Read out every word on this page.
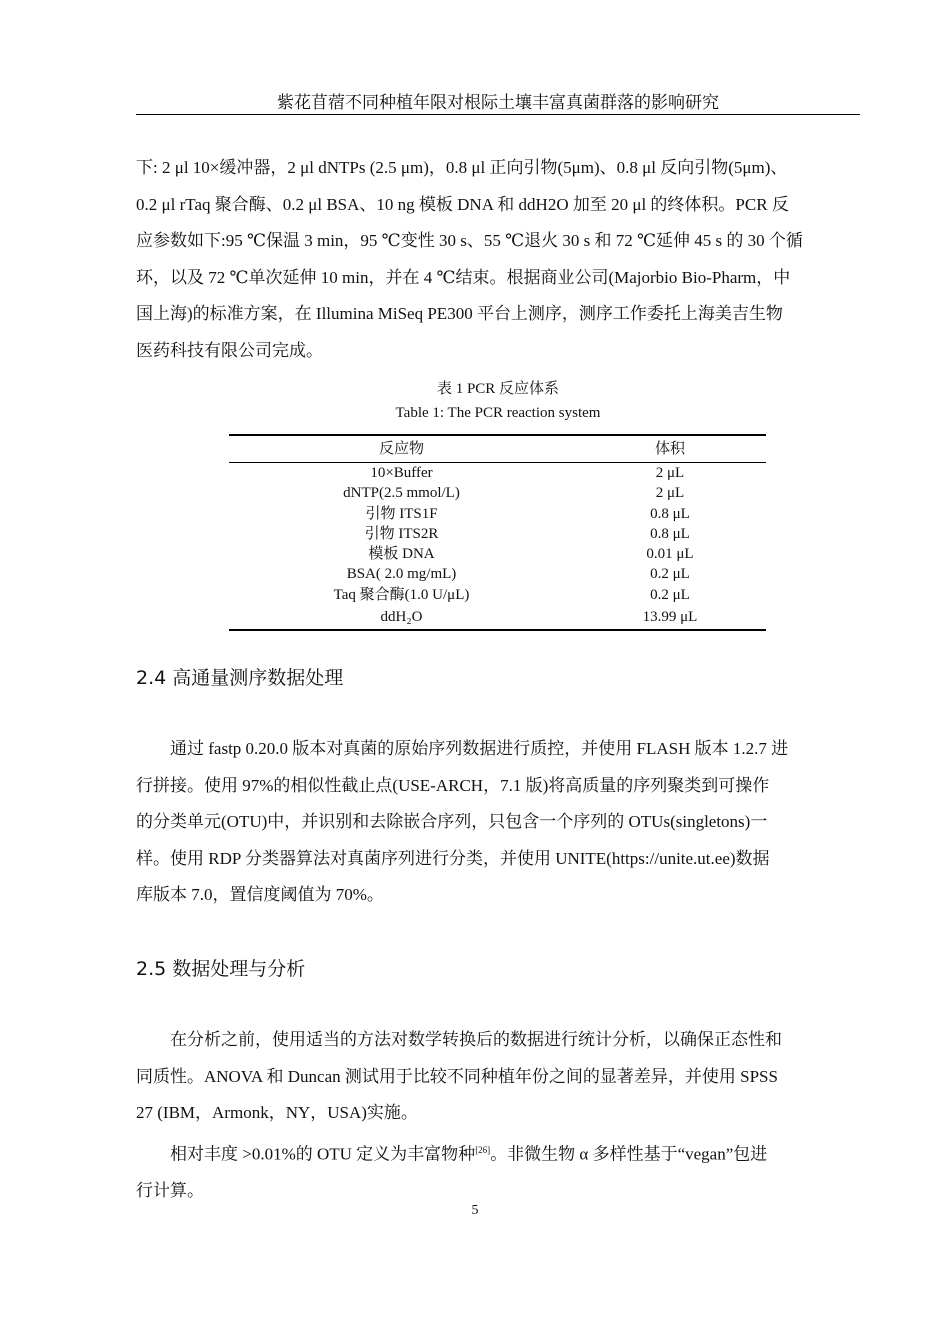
紫花苜蓿不同种植年限对根际土壤丰富真菌群落的影响研究

下: 2 μl 10×缓冲器，2 μl dNTPs (2.5 μm)，0.8 μl 正向引物(5μm)、0.8 μl 反向引物(5μm)、
0.2 μl rTaq 聚合酶、0.2 μl BSA、10 ng 模板 DNA 和 ddH2O 加至 20 μl 的终体积。PCR 反
应参数如下:95 ℃保温 3 min，95 ℃变性 30 s、55 ℃退火 30 s 和 72 ℃延伸 45 s 的 30 个循
环，以及 72 ℃单次延伸 10 min，并在 4 ℃结束。根据商业公司(Majorbio Bio-Pharm，中
国上海)的标准方案，在 Illumina MiSeq PE300 平台上测序，测序工作委托上海美吉生物
医药科技有限公司完成。

表 1 PCR 反应体系
Table 1: The PCR reaction system
反应物	体积
10×Buffer	2 μL
dNTP(2.5 mmol/L)	2 μL
引物 ITS1F	0.8 μL
引物 ITS2R	0.8 μL
模板 DNA	0.01 μL
BSA( 2.0 mg/mL)	0.2 μL
Taq 聚合酶(1.0 U/μL)	0.2 μL
ddH₂O	13.99 μL
2.4 高通量测序数据处理

通过 fastp 0.20.0 版本对真菌的原始序列数据进行质控，并使用 FLASH 版本 1.2.7 进
行拼接。使用 97%的相似性截止点(USE-ARCH，7.1 版)将高质量的序列聚类到可操作
的分类单元(OTU)中，并识别和去除嵌合序列，只包含一个序列的 OTUs(singletons)一
样。使用 RDP 分类器算法对真菌序列进行分类，并使用 UNITE(https://unite.ut.ee)数据
库版本 7.0，置信度阈值为 70%。

2.5 数据处理与分析

在分析之前，使用适当的方法对数学转换后的数据进行统计分析，以确保正态性和
同质性。ANOVA 和 Duncan 测试用于比较不同种植年份之间的显著差异，并使用 SPSS
27 (IBM，Armonk，NY，USA)实施。

相对丰度 >0.01%的 OTU 定义为丰富物种[26]。非微生物 α 多样性基于“vegan”包进
行计算。

5
